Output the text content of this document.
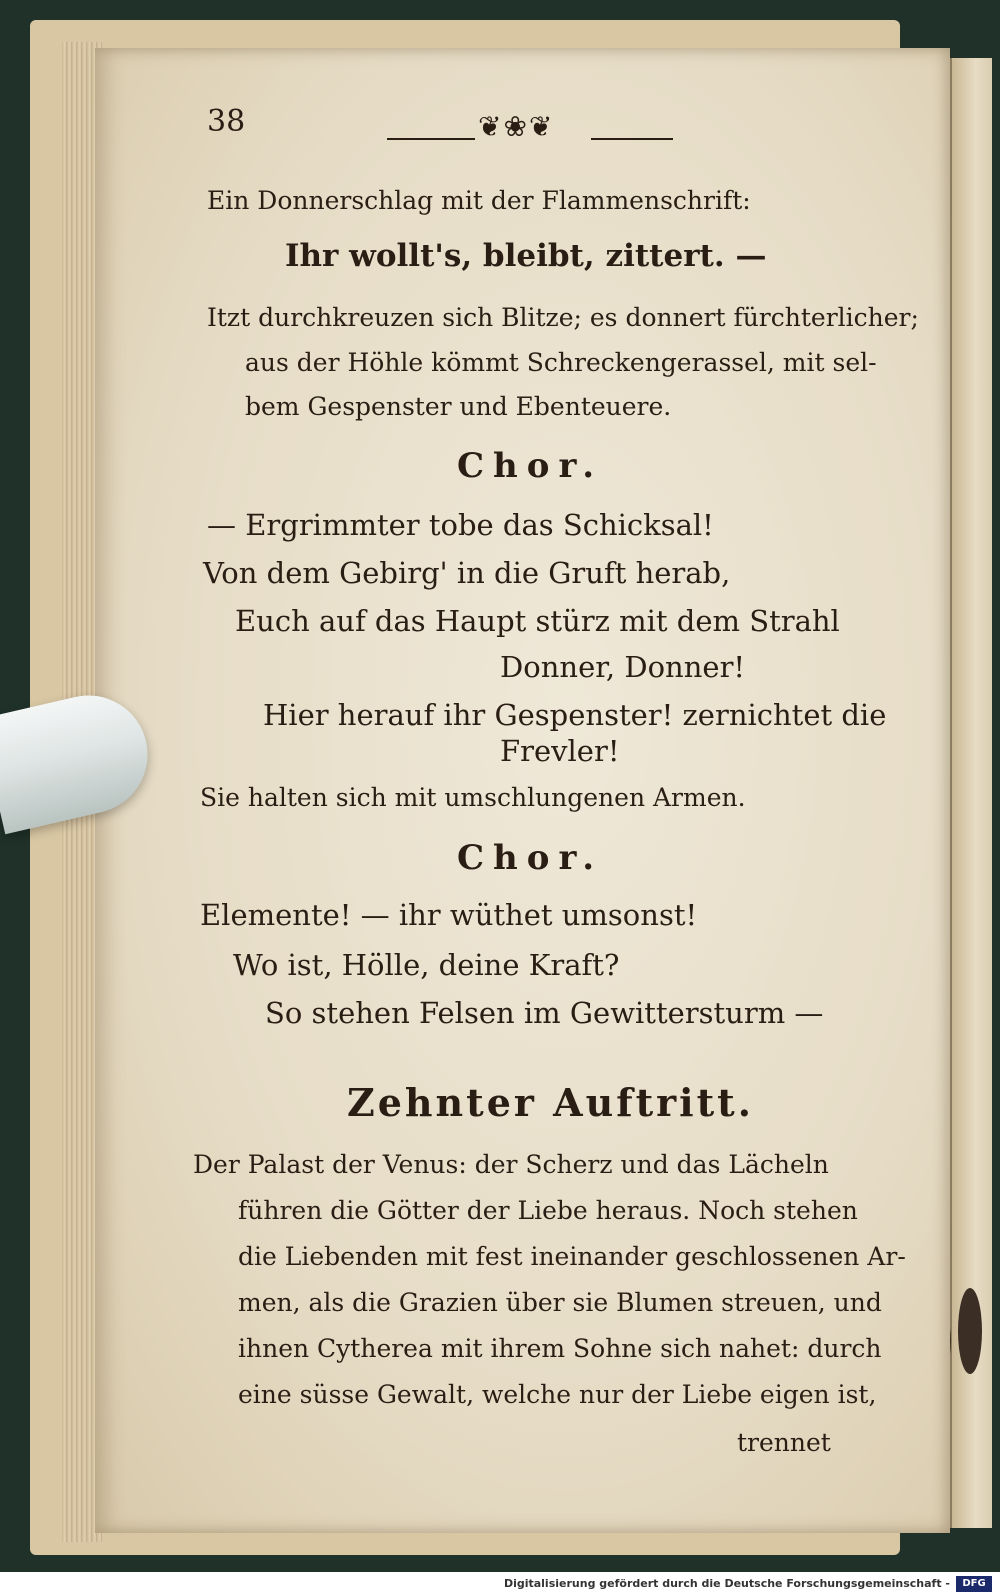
38	❦❀❦
Ein Donnerschlag mit der Flammenschrift:
Ihr wollt's, bleibt, zittert. —
Itzt durchkreuzen sich Blitze; es donnert fürchterlicher;
aus der Höhle kömmt Schreckengerassel, mit sel-
bem Gespenster und Ebenteuere.
Chor.
— Ergrimmter tobe das Schicksal!
Von dem Gebirg' in die Gruft herab,
Euch auf das Haupt stürz mit dem Strahl
Donner, Donner!
Hier herauf ihr Gespenster! zernichtet die
Frevler!
Sie halten sich mit umschlungenen Armen.
Chor.
Elemente! — ihr wüthet umsonst!
Wo ist, Hölle, deine Kraft?
So stehen Felsen im Gewittersturm —
Zehnter Auftritt.
Der Palast der Venus: der Scherz und das Lächeln
führen die Götter der Liebe heraus. Noch stehen
die Liebenden mit fest ineinander geschlossenen Ar-
men, als die Grazien über sie Blumen streuen, und
ihnen Cytherea mit ihrem Sohne sich nahet: durch
eine süsse Gewalt, welche nur der Liebe eigen ist,
trennet
Digitalisierung gefördert durch die Deutsche Forschungsgemeinschaft -	DFG
